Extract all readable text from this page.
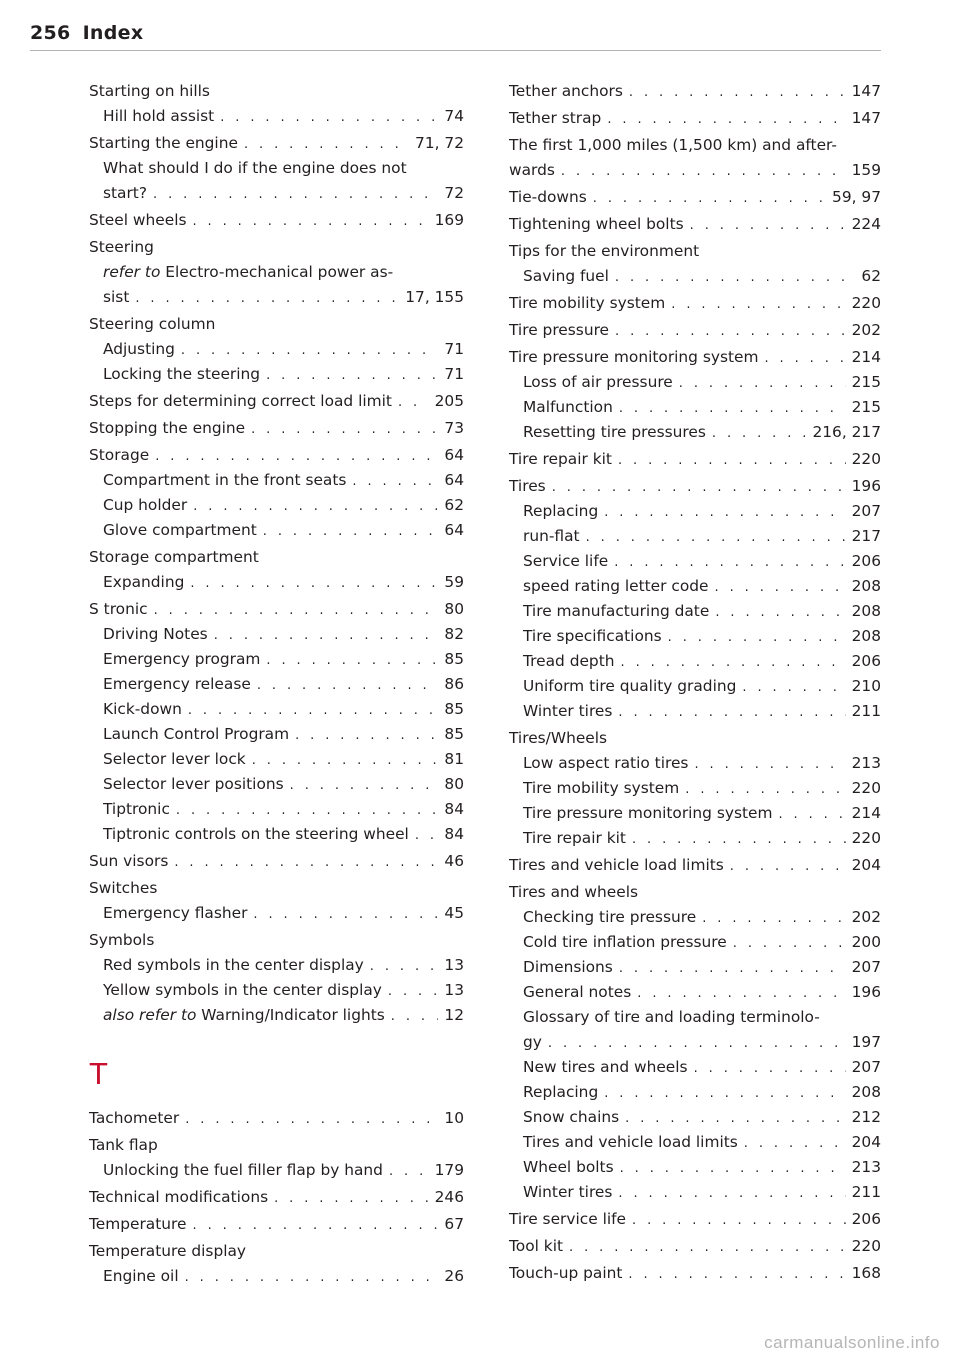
256 Index
Starting on hills
Hill hold assist . . .	74
Starting the engine . . .	71, 72
What should I do if the engine does not
start? . . .	72
Steel wheels . . .	169
Steering
refer to Electro-mechanical power as-
sist . . .	17, 155
Steering column
Adjusting . . .	71
Locking the steering . . .	71
Steps for determining correct load limit . . .	205
Stopping the engine . . .	73
Storage . . .	64
Compartment in the front seats . . .	64
Cup holder . . .	62
Glove compartment . . .	64
Storage compartment
Expanding . . .	59
S tronic . . .	80
Driving Notes . . .	82
Emergency program . . .	85
Emergency release . . .	86
Kick-down . . .	85
Launch Control Program . . .	85
Selector lever lock . . .	81
Selector lever positions . . .	80
Tiptronic . . .	84
Tiptronic controls on the steering wheel . . . 84
Sun visors . . .	46
Switches
Emergency flasher . . .	45
Symbols
Red symbols in the center display . . .	13
Yellow symbols in the center display . . .	13
also refer to Warning/Indicator lights . . .	12
T
Tachometer . . .	10
Tank flap
Unlocking the fuel filler flap by hand . . .	179
Technical modifications . . .	246
Temperature . . .	67
Temperature display
Engine oil . . .	26
Tether anchors . . .	147
Tether strap . . .	147
The first 1,000 miles (1,500 km) and after-
wards . . .	159
Tie-downs . . .	59, 97
Tightening wheel bolts . . .	224
Tips for the environment
Saving fuel . . .	62
Tire mobility system . . .	220
Tire pressure . . .	202
Tire pressure monitoring system . . .	214
Loss of air pressure . . .	215
Malfunction . . .	215
Resetting tire pressures . . .	216, 217
Tire repair kit . . .	220
Tires . . .	196
Replacing . . .	207
run-flat . . .	217
Service life . . .	206
speed rating letter code . . .	208
Tire manufacturing date . . .	208
Tire specifications . . .	208
Tread depth . . .	206
Uniform tire quality grading . . .	210
Winter tires . . .	211
Tires/Wheels
Low aspect ratio tires . . .	213
Tire mobility system . . .	220
Tire pressure monitoring system . . .	214
Tire repair kit . . .	220
Tires and vehicle load limits . . .	204
Tires and wheels
Checking tire pressure . . .	202
Cold tire inflation pressure . . .	200
Dimensions . . .	207
General notes . . .	196
Glossary of tire and loading terminolo-
gy . . .	197
New tires and wheels . . .	207
Replacing . . .	208
Snow chains . . .	212
Tires and vehicle load limits . . .	204
Wheel bolts . . .	213
Winter tires . . .	211
Tire service life . . .	206
Tool kit . . .	220
Touch-up paint . . .	168
carmanualsonline.info
